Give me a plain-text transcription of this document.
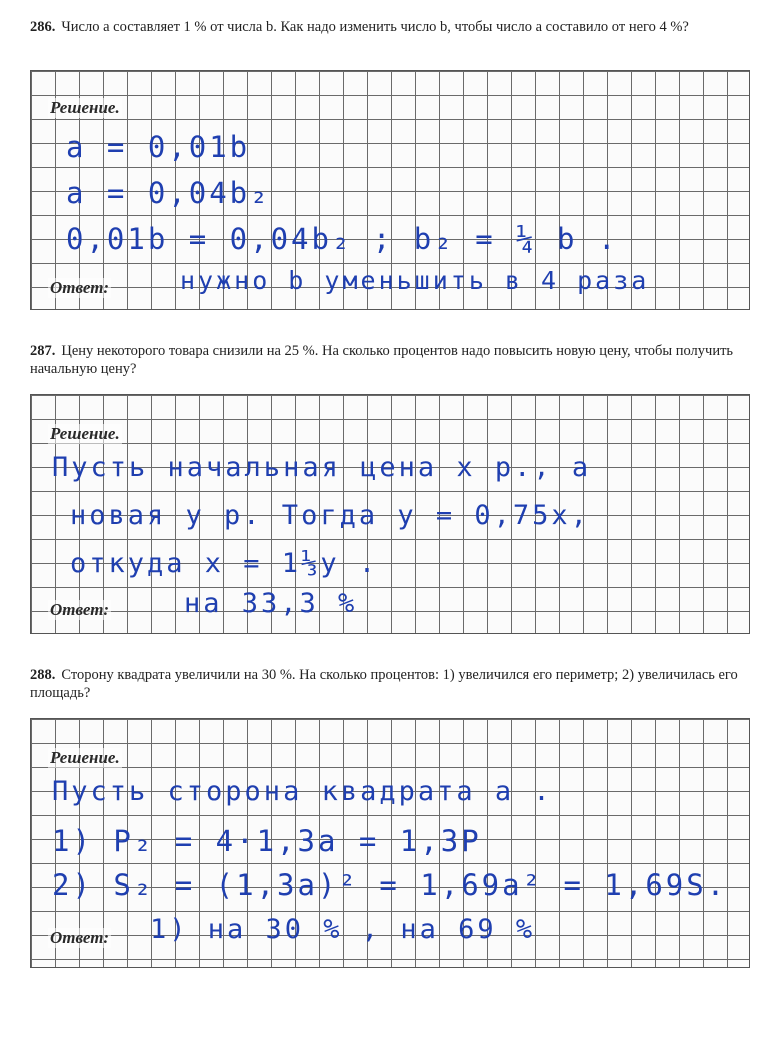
286. Число a составляет 1 % от числа b. Как надо изменить число b, чтобы число a составило от него 4 %?
Решение.
a = 0,01b
a = 0,04b₂
0,01b = 0,04b₂ ; b₂ = ¼ b .
Ответ:	нужно b уменьшить в 4 раза
287. Цену некоторого товара снизили на 25 %. На сколько процентов надо повысить новую цену, чтобы получить начальную цену?
Решение.
Пусть начальная цена x р., а
новая y р. Тогда y = 0,75x,
откуда x = 1⅓y .
Ответ:	на 33,3 %
288. Сторону квадрата увеличили на 30 %. На сколько процентов: 1) увеличился его периметр; 2) увеличилась его площадь?
Решение.
Пусть сторона квадрата a .
1) P₂ = 4·1,3a = 1,3P
2) S₂ = (1,3a)² = 1,69a² = 1,69S.
Ответ: 1) на 30 % , на 69 %
